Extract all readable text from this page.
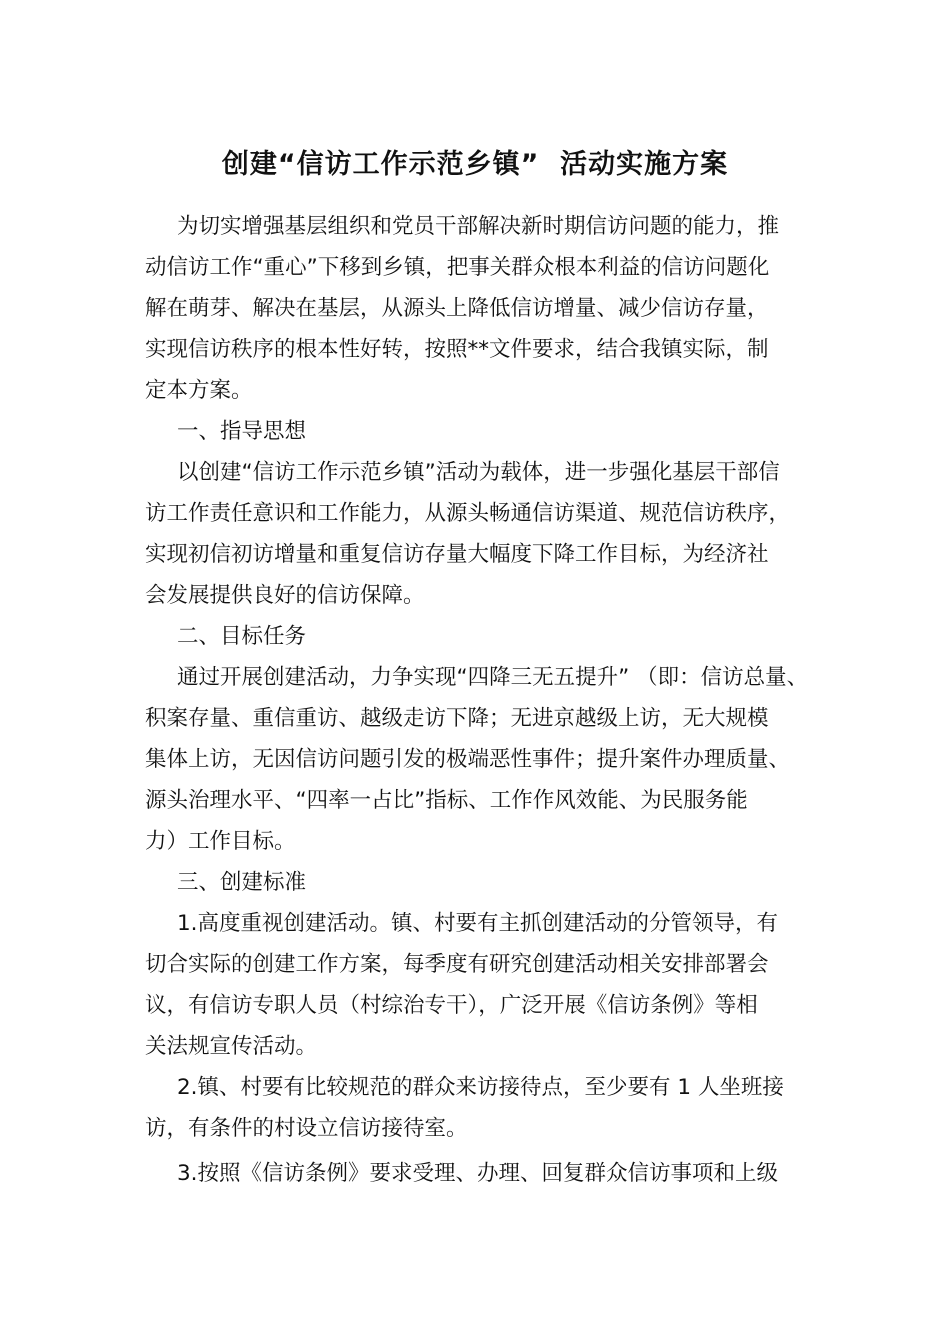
创建“信访工作示范乡镇”  活动实施方案
为切实增强基层组织和党员干部解决新时期信访问题的能力，推
动信访工作“重心”下移到乡镇，把事关群众根本利益的信访问题化
解在萌芽、解决在基层，从源头上降低信访增量、减少信访存量，
实现信访秩序的根本性好转，按照**文件要求，结合我镇实际，制
定本方案。
一、指导思想
以创建“信访工作示范乡镇”活动为载体，进一步强化基层干部信
访工作责任意识和工作能力，从源头畅通信访渠道、规范信访秩序，
实现初信初访增量和重复信访存量大幅度下降工作目标，为经济社
会发展提供良好的信访保障。
二、目标任务
通过开展创建活动，力争实现“四降三无五提升” （即：信访总量、
积案存量、重信重访、越级走访下降；无进京越级上访，无大规模
集体上访，无因信访问题引发的极端恶性事件；提升案件办理质量、
源头治理水平、“四率一占比”指标、工作作风效能、为民服务能
力）工作目标。
三、创建标准
1.高度重视创建活动。镇、村要有主抓创建活动的分管领导，有
切合实际的创建工作方案，每季度有研究创建活动相关安排部署会
议，有信访专职人员（村综治专干），广泛开展《信访条例》等相
关法规宣传活动。
2.镇、村要有比较规范的群众来访接待点，至少要有 1 人坐班接
访，有条件的村设立信访接待室。
3.按照《信访条例》要求受理、办理、回复群众信访事项和上级
